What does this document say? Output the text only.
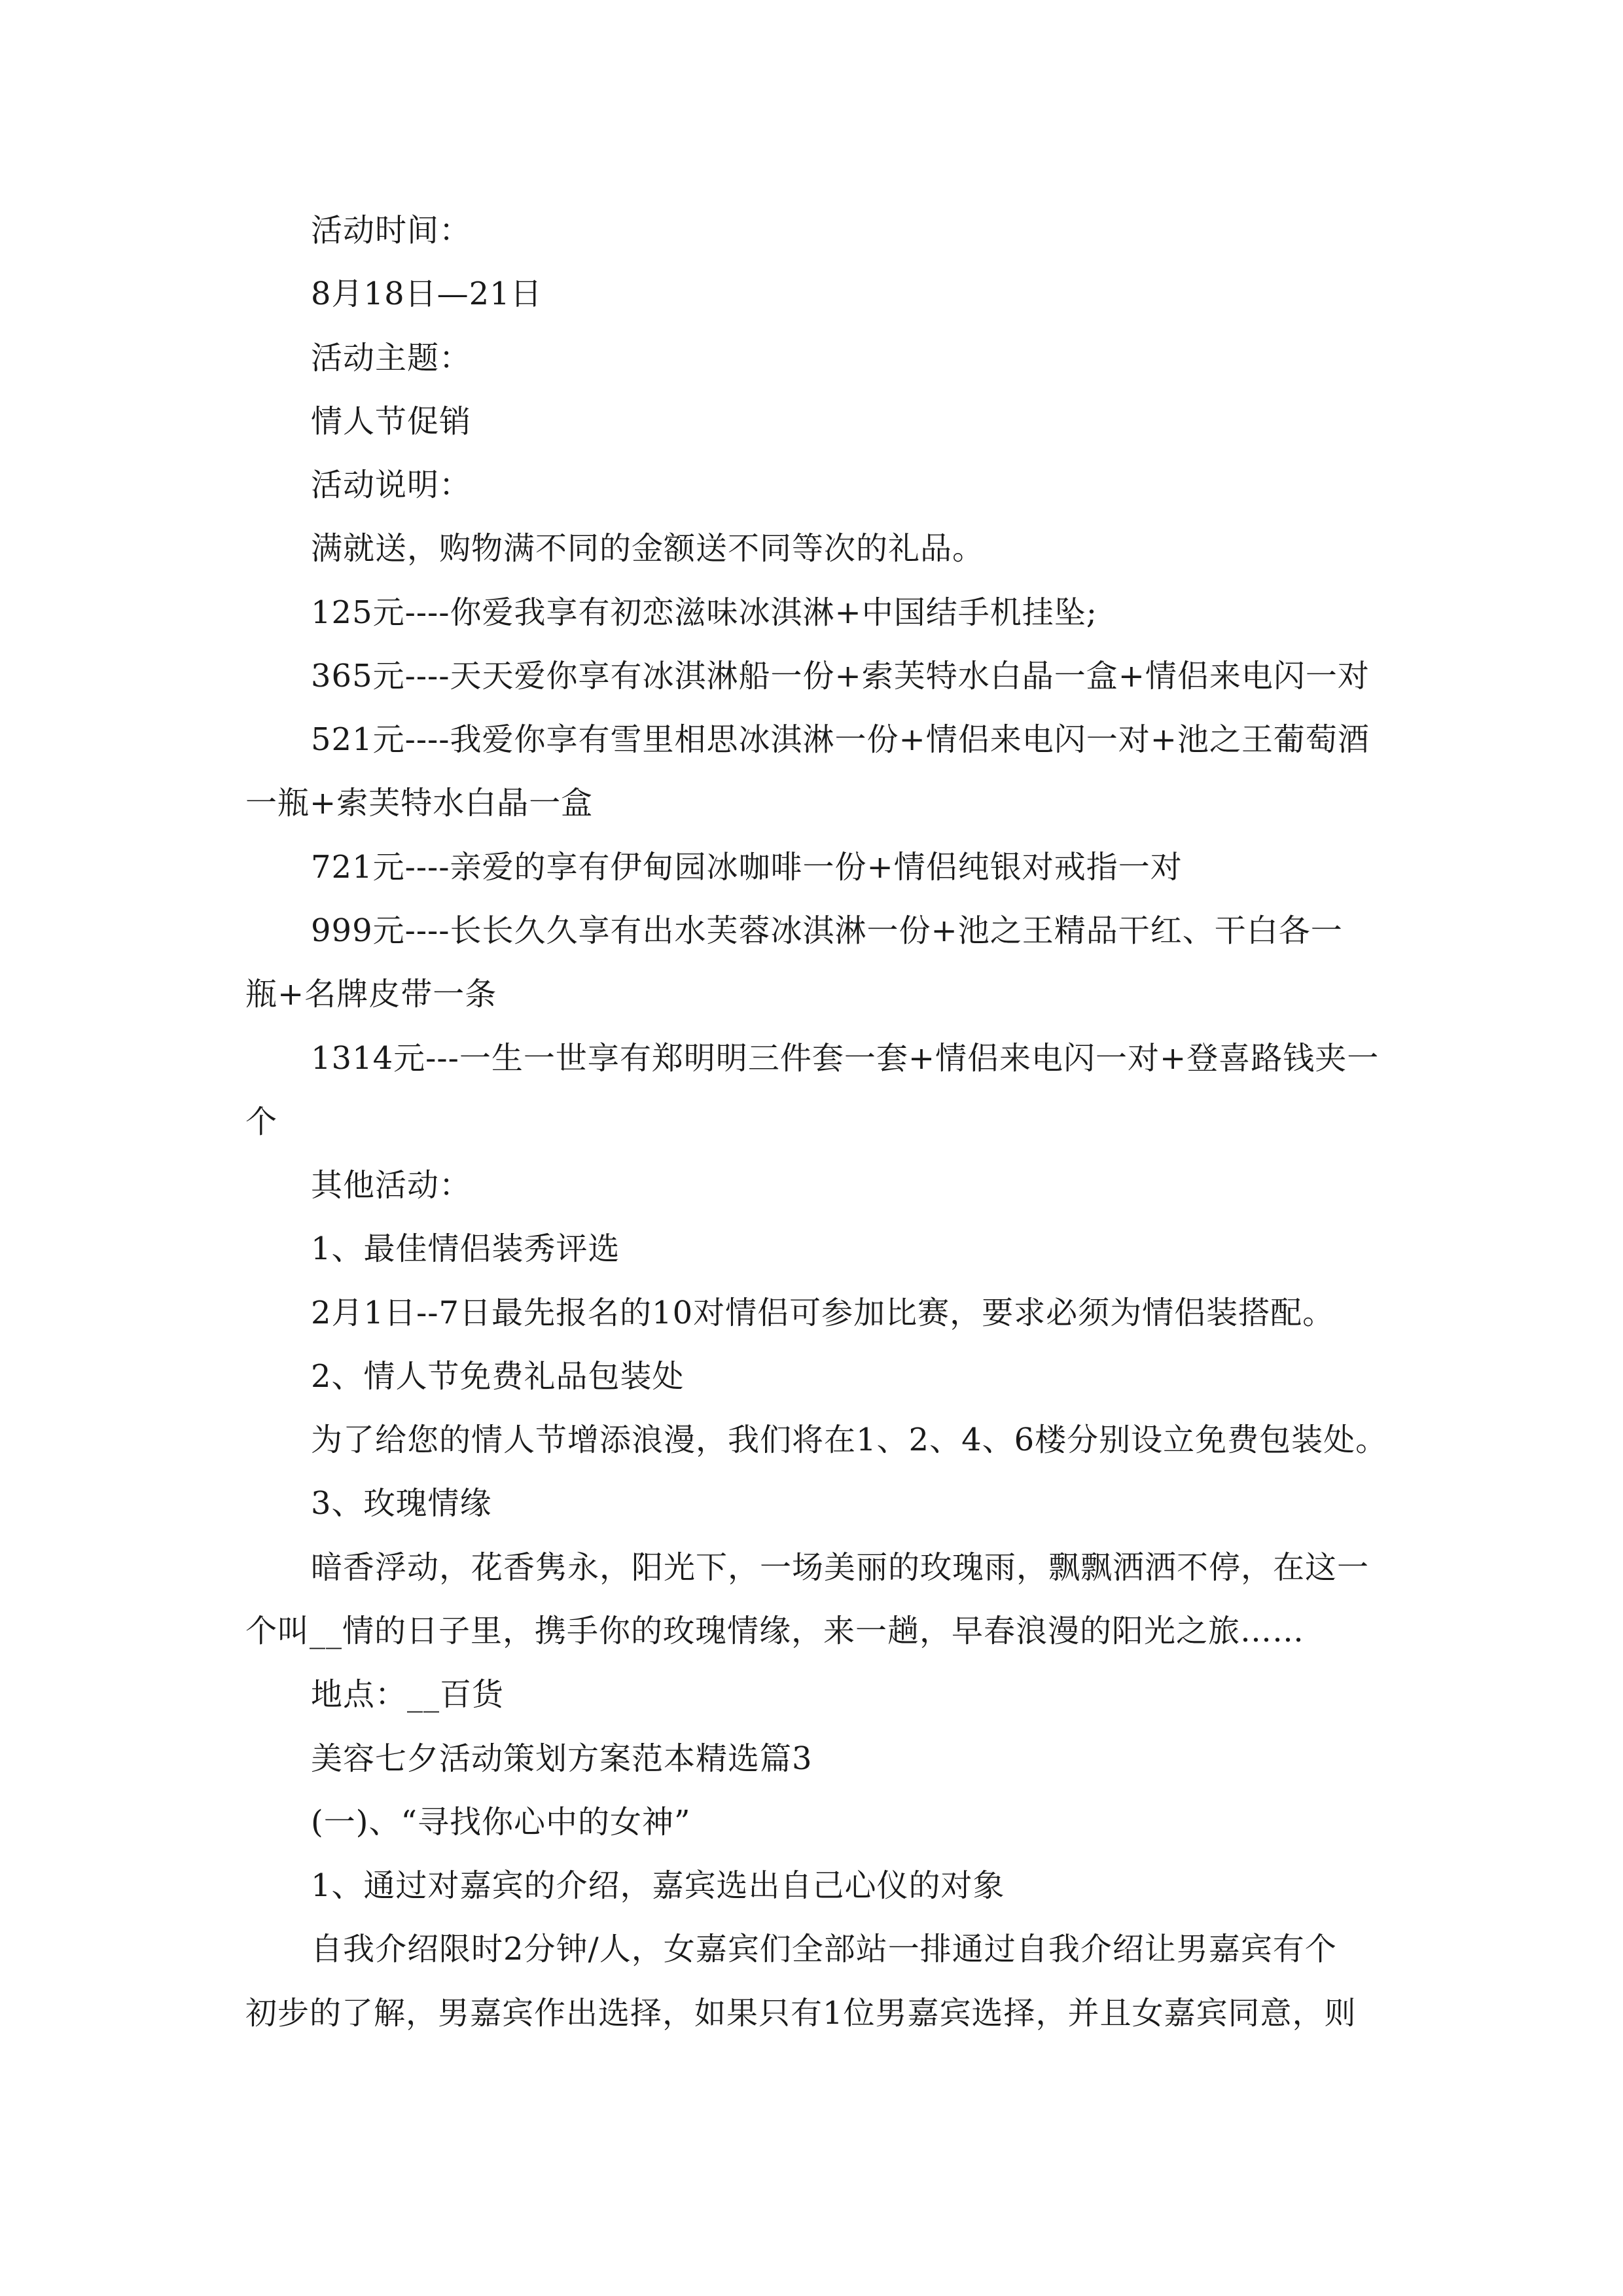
活动时间：
8月18日—21日
活动主题：
情人节促销
活动说明：
满就送，购物满不同的金额送不同等次的礼品。
125元----你爱我享有初恋滋味冰淇淋+中国结手机挂坠;
365元----天天爱你享有冰淇淋船一份+索芙特水白晶一盒+情侣来电闪一对
521元----我爱你享有雪里相思冰淇淋一份+情侣来电闪一对+池之王葡萄酒
一瓶+索芙特水白晶一盒
721元----亲爱的享有伊甸园冰咖啡一份+情侣纯银对戒指一对
999元----长长久久享有出水芙蓉冰淇淋一份+池之王精品干红、干白各一
瓶+名牌皮带一条
1314元---一生一世享有郑明明三件套一套+情侣来电闪一对+登喜路钱夹一
个
其他活动：
1、最佳情侣装秀评选
2月1日--7日最先报名的10对情侣可参加比赛，要求必须为情侣装搭配。
2、情人节免费礼品包装处
为了给您的情人节增添浪漫，我们将在1、2、4、6楼分别设立免费包装处。
3、玫瑰情缘
暗香浮动，花香隽永，阳光下，一场美丽的玫瑰雨，飘飘洒洒不停，在这一
个叫__情的日子里，携手你的玫瑰情缘，来一趟，早春浪漫的阳光之旅……
地点：__百货
美容七夕活动策划方案范本精选篇3
(一)、“寻找你心中的女神”
1、通过对嘉宾的介绍，嘉宾选出自己心仪的对象
自我介绍限时2分钟/人，女嘉宾们全部站一排通过自我介绍让男嘉宾有个
初步的了解，男嘉宾作出选择，如果只有1位男嘉宾选择，并且女嘉宾同意，则
